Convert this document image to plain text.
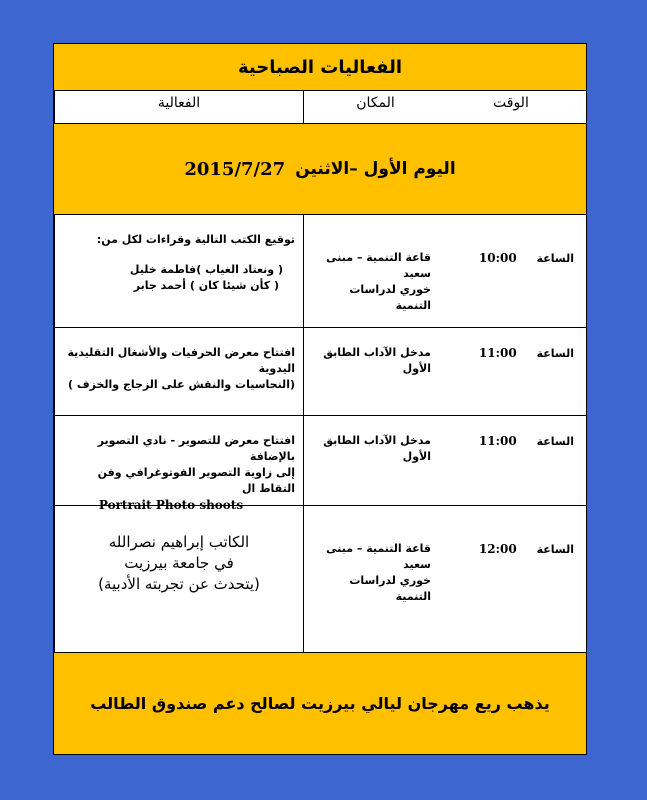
الفعاليات الصباحية
الفعالية	المكان	الوقت
اليوم الأول –الاثنين
2015/7/27
توقيع الكتب التالية وقراءات لكل من:
( ونعتاد الغياب )فاطمة خليل
( كأن شيئا كان ) أحمد جابر
قاعة التنمية – مبنى سعيد
خوري لدراسات التنمية
الساعة 10:00
افتتاح معرض الحرفيات والأشغال التقليدية اليدوية
(النحاسيات والنقش على الزجاج والخزف )
مدخل الآداب الطابق الأول
الساعة 11:00
افتتاح معرض للتصوير - نادي التصوير بالإضافة
إلى زاوية التصوير الفوتوغرافي وفن التقاط ال
Portrait Photo shoots
مدخل الآداب الطابق الأول
الساعة 11:00
الكاتب إبراهيم نصرالله
في جامعة بيرزيت
(يتحدث عن تجربته الأدبية)
قاعة التنمية – مبنى سعيد
خوري لدراسات التنمية
الساعة 12:00
يذهب ريع مهرجان ليالي بيرزيت لصالح دعم صندوق الطالب
